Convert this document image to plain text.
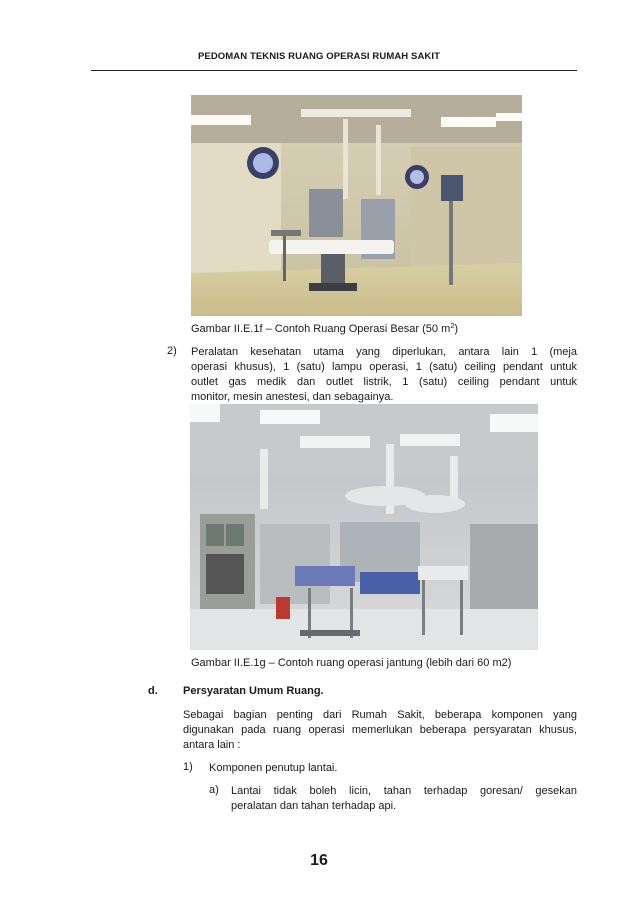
PEDOMAN TEKNIS RUANG OPERASI RUMAH SAKIT
Gambar II.E.1f – Contoh Ruang Operasi Besar (50 $m^2$)
2) Peralatan kesehatan utama yang diperlukan, antara lain 1 (meja
operasi khusus), 1 (satu) lampu operasi, 1 (satu) ceiling pendant untuk
outlet gas medik dan outlet listrik, 1 (satu) ceiling pendant untuk
monitor, mesin anestesi, dan sebagainya.
Gambar II.E.1g – Contoh ruang operasi jantung (lebih dari 60 m2)
d. Persyaratan Umum Ruang.
Sebagai bagian penting dari Rumah Sakit, beberapa komponen yang
digunakan pada ruang operasi memerlukan beberapa persyaratan khusus,
antara lain :
1) Komponen penutup lantai.
a) Lantai tidak boleh licin, tahan terhadap goresan/ gesekan
peralatan dan tahan terhadap api.
16
